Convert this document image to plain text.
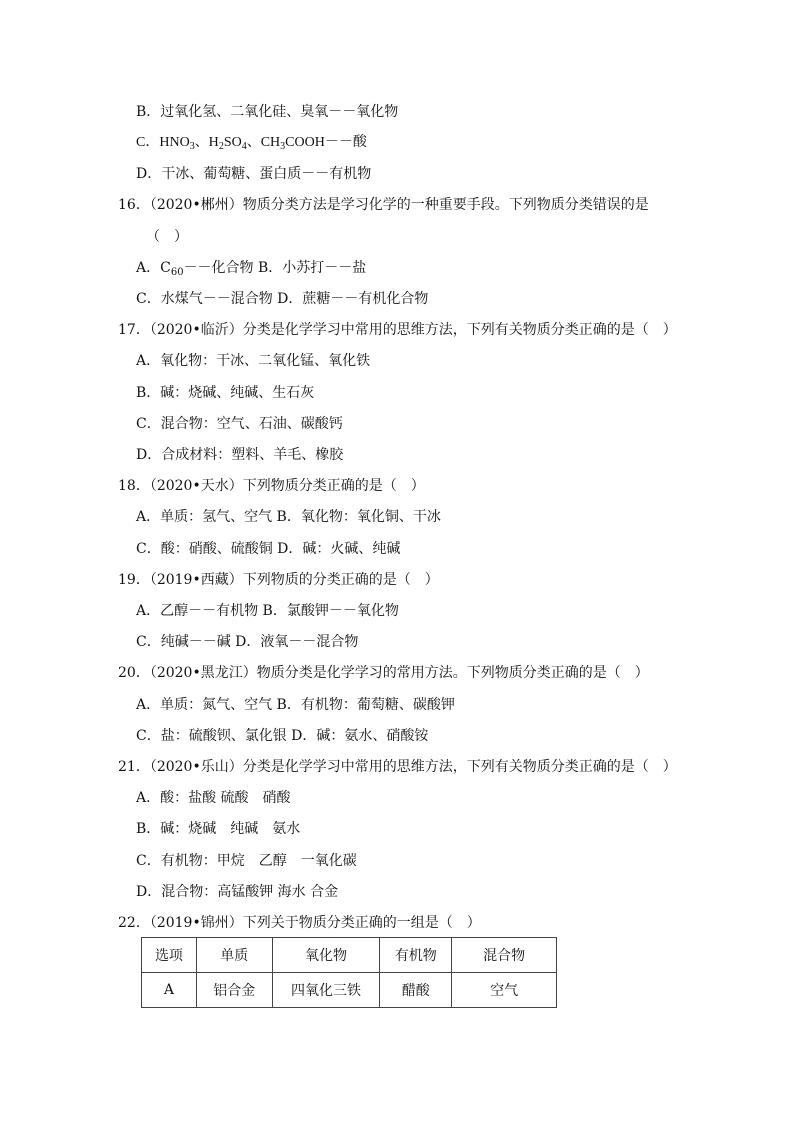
B．过氧化氢、二氧化硅、臭氧－－氧化物
C．$HNO_3$、$H_2SO_4$、$CH_3COOH--$酸
D．干冰、葡萄糖、蛋白质－－有机物
16．（2020•郴州）物质分类方法是学习化学的一种重要手段。下列物质分类错误的是
（　）
A．$C_{60}--$化合物 B．小苏打－－盐
C．水煤气－－混合物 D．蔗糖－－有机化合物
17．（2020•临沂）分类是化学学习中常用的思维方法，下列有关物质分类正确的是（　）
A．氧化物：干冰、二氧化锰、氧化铁
B．碱：烧碱、纯碱、生石灰
C．混合物：空气、石油、碳酸钙
D．合成材料：塑料、羊毛、橡胶
18．（2020•天水）下列物质分类正确的是（　）
A．单质：氢气、空气 B．氧化物：氧化铜、干冰
C．酸：硝酸、硫酸铜 D．碱：火碱、纯碱
19．（2019•西藏）下列物质的分类正确的是（　）
A．乙醇－－有机物 B．氯酸钾－－氧化物
C．纯碱－－碱 D．液氧－－混合物
20．（2020•黑龙江）物质分类是化学学习的常用方法。下列物质分类正确的是（　）
A．单质：氮气、空气 B．有机物：葡萄糖、碳酸钾
C．盐：硫酸钡、氯化银 D．碱：氨水、硝酸铵
21．（2020•乐山）分类是化学学习中常用的思维方法，下列有关物质分类正确的是（　）
A．酸：盐酸 硫酸　硝酸
B．碱：烧碱　纯碱　氨水
C．有机物：甲烷　乙醇　一氧化碳
D．混合物：高锰酸钾 海水 合金
22．（2019•锦州）下列关于物质分类正确的一组是（　）
选项	单质	氧化物	有机物	混合物
A	铝合金	四氧化三铁	醋酸	空气
